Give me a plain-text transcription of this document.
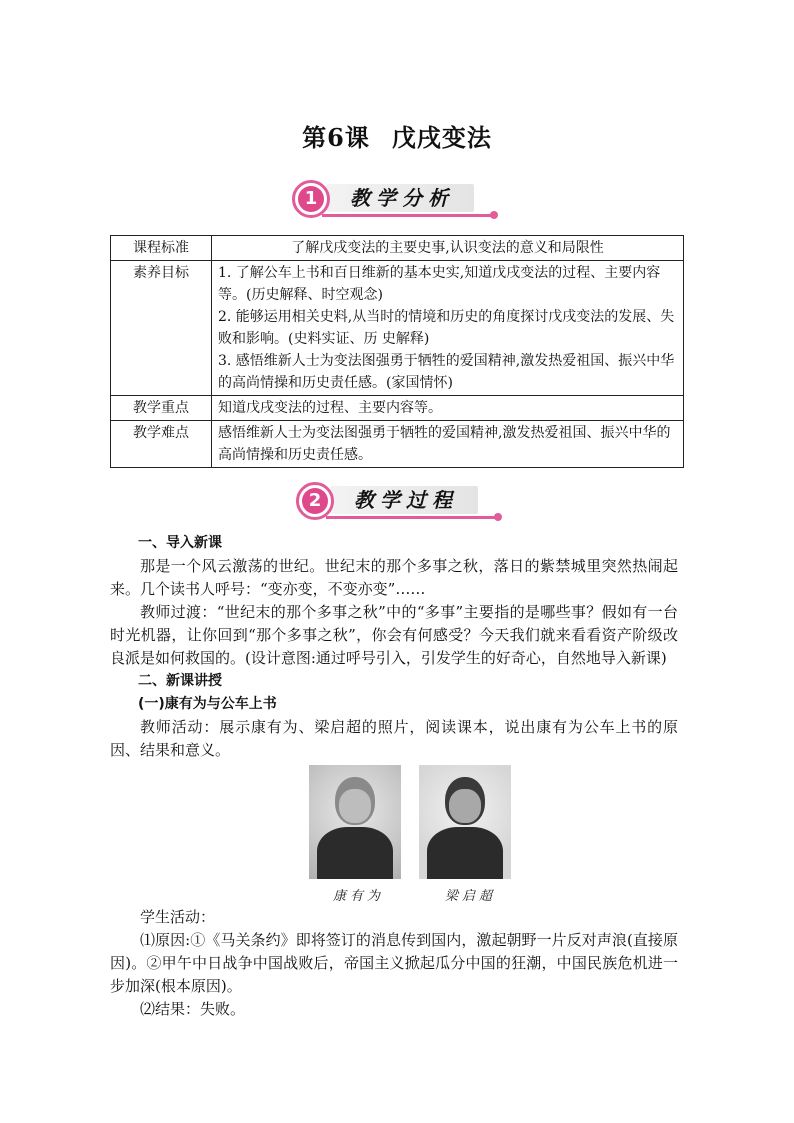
第6课 戊戌变法
教学分析
1
课程标准	了解戊戌变法的主要史事,认识变法的意义和局限性
素养目标	1. 了解公车上书和百日维新的基本史实,知道戊戌变法的过程、主要内容等。(历史解释、时空观念)
2. 能够运用相关史料,从当时的情境和历史的角度探讨戊戌变法的发展、失败和影响。(史料实证、历 史解释)
3. 感悟维新人士为变法图强勇于牺牲的爱国精神,激发热爱祖国、振兴中华的高尚情操和历史责任感。(家国情怀)

教学重点	知道戊戌变法的过程、主要内容等。
教学难点	感悟维新人士为变法图强勇于牺牲的爱国精神,激发热爱祖国、振兴中华的高尚情操和历史责任感。
教学过程
2

一、导入新课

那是一个风云激荡的世纪。世纪末的那个多事之秋，落日的紫禁城里突然热闹起来。几个读书人呼号：“变亦变，不变亦变”……

教师过渡：“世纪末的那个多事之秋”中的“多事”主要指的是哪些事？假如有一台时光机器，让你回到“那个多事之秋”，你会有何感受？今天我们就来看看资产阶级改良派是如何救国的。(设计意图:通过呼号引入，引发学生的好奇心，自然地导入新课)

二、新课讲授

(一)康有为与公车上书

教师活动：展示康有为、梁启超的照片，阅读课本，说出康有为公车上书的原因、结果和意义。

康有为	梁启超

学生活动：

⑴原因:①《马关条约》即将签订的消息传到国内，激起朝野一片反对声浪(直接原因)。②甲午中日战争中国战败后，帝国主义掀起瓜分中国的狂潮，中国民族危机进一步加深(根本原因)。

⑵结果：失败。
